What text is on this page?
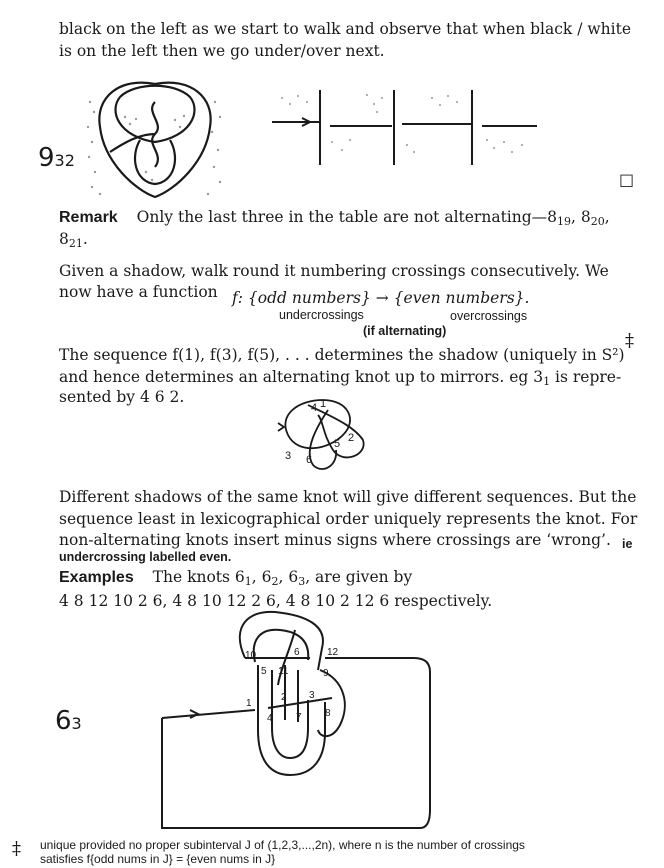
black on the left as we start to walk and observe that when black / white
is on the left then we go under/over next.
932
□
Remark Only the last three in the table are not $alternating—8_{19}$, $8_{20}$,
$8_{21}$.
Given a shadow, walk round it numbering crossings consecutively. We
now have a function f: {odd numbers} → {even numbers}.
undercrossings	overcrossings
(if alternating)	‡
The sequence f(1), f(3), f(5), . . . determines the shadow (uniquely in S²)
and hence determines an alternating knot up to mirrors. eg $3_1$ is repre-
sented by 4 6 2.
4 1
2
5
3 6
Different shadows of the same knot will give different sequences. But the
sequence least in lexicographical order uniquely represents the knot. For
non-alternating knots insert minus signs where crossings are ‘wrong’. ie
undercrossing labelled even.
Examples The knots $6_1$, $6_2$, $6_3$, are given by
4 8 12 10 2 6, 4 8 10 12 2 6, 4 8 10 2 12 6 respectively.
63
1
2 3
4
5
6
7 8
9
10
11
12
‡ unique provided no proper subinterval J of (1,2,3,...,2n), where n is the number of crossings
satisfies f{odd nums in J} = {even nums in J}
